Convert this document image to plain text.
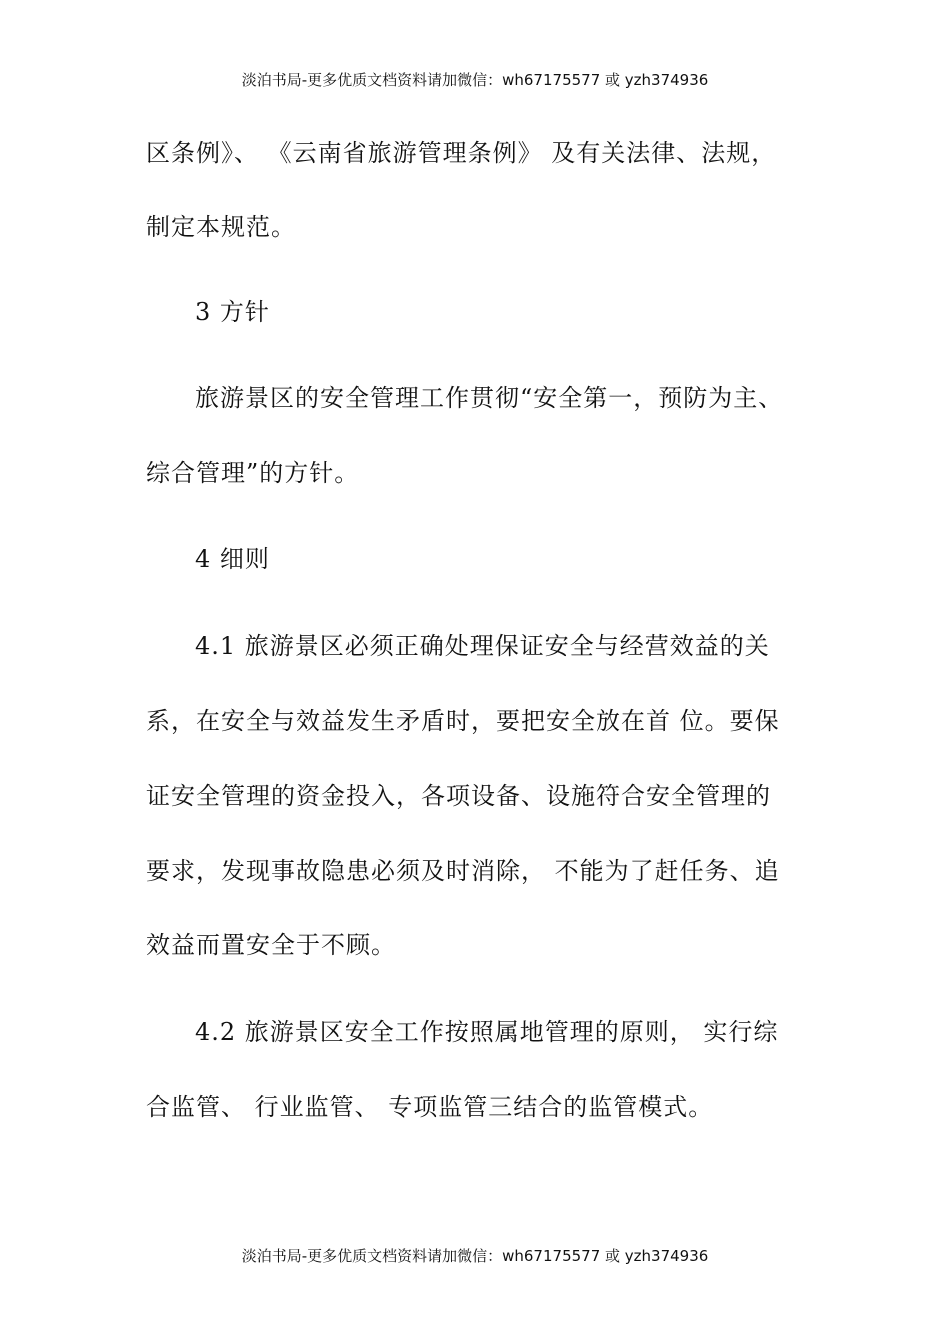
淡泊书局-更多优质文档资料请加微信：wh67175577 或 yzh374936
区条例》、 《云南省旅游管理条例》 及有关法律、法规，
制定本规范。
3 方针
旅游景区的安全管理工作贯彻“安全第一，预防为主、
综合管理”的方针。
4 细则
4.1 旅游景区必须正确处理保证安全与经营效益的关
系，在安全与效益发生矛盾时，要把安全放在首 位。要保
证安全管理的资金投入，各项设备、设施符合安全管理的
要求，发现事故隐患必须及时消除， 不能为了赶任务、追
效益而置安全于不顾。
4.2 旅游景区安全工作按照属地管理的原则， 实行综
合监管、 行业监管、 专项监管三结合的监管模式。
淡泊书局-更多优质文档资料请加微信：wh67175577 或 yzh374936
